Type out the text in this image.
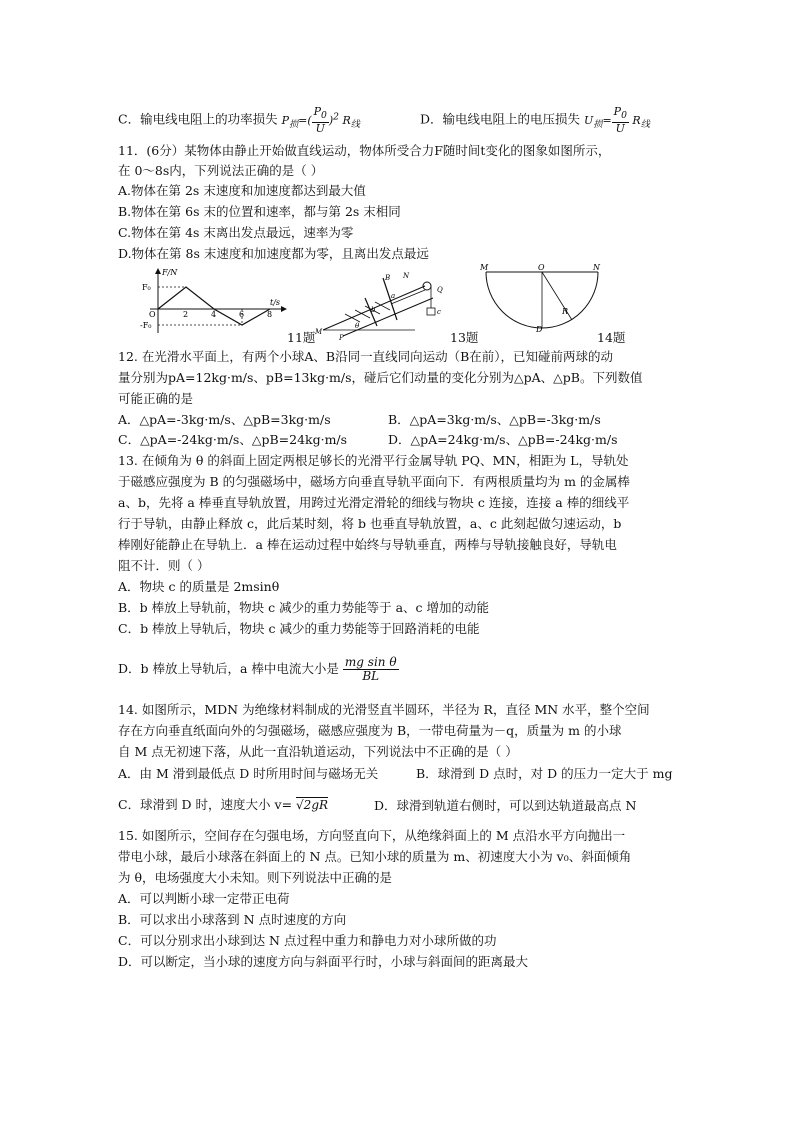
C．输电线电阻上的功率损失 $P_损=( \frac{P_0}{U} )^2$ $R_线$	D．输电线电阻上的电压损失 $U_损= \frac{P_0}{U} R_线$
11．(6分）某物体由静止开始做直线运动，物体所受合力F随时间t变化的图象如图所示，
在 0～8s内，下列说法正确的是（ ）
A.物体在第 2s 末速度和加速度都达到最大值
B.物体在第 6s 末的位置和速率，都与第 2s 末相同
C.物体在第 4s 末离出发点最远，速率为零
D.物体在第 8s 末速度和加速度都为零，且离出发点最远
F/N
F₀
-F₀
O	2	4	6	8
t/s
B N
a
b
Q
c
M
P
θ
M	O	N
R
D
11题	13题	14题
12. 在光滑水平面上，有两个小球A、B沿同一直线同向运动（B在前），已知碰前两球的动
量分别为pA=12kg·m/s、pB=13kg·m/s，碰后它们动量的变化分别为△pA、△pB。下列数值
可能正确的是
A．△pA=-3kg·m/s、△pB=3kg·m/s	B．△pA=3kg·m/s、△pB=-3kg·m/s
C．△pA=-24kg·m/s、△pB=24kg·m/s	D．△pA=24kg·m/s、△pB=-24kg·m/s
13. 在倾角为 θ 的斜面上固定两根足够长的光滑平行金属导轨 PQ、MN，相距为 L，导轨处
于磁感应强度为 B 的匀强磁场中，磁场方向垂直导轨平面向下．有两根质量均为 m 的金属棒
a、b，先将 a 棒垂直导轨放置，用跨过光滑定滑轮的细线与物块 c 连接，连接 a 棒的细线平
行于导轨，由静止释放 c，此后某时刻，将 b 也垂直导轨放置，a、c 此刻起做匀速运动，b
棒刚好能静止在导轨上．a 棒在运动过程中始终与导轨垂直，两棒与导轨接触良好，导轨电
阻不计．则（ ）
A．物块 c 的质量是 2msinθ
B．b 棒放上导轨前，物块 c 减少的重力势能等于 a、c 增加的动能
C．b 棒放上导轨后，物块 c 减少的重力势能等于回路消耗的电能
D．b 棒放上导轨后，a 棒中电流大小是 $\frac{\text{mg sin θ}}{BL}$
14. 如图所示，MDN 为绝缘材料制成的光滑竖直半圆环，半径为 R，直径 MN 水平，整个空间
存在方向垂直纸面向外的匀强磁场，磁感应强度为 B，一带电荷量为－q，质量为 m 的小球
自 M 点无初速下落，从此一直沿轨道运动，下列说法中不正确的是（ ）
A．由 M 滑到最低点 D 时所用时间与磁场无关	B．球滑到 D 点时，对 D 的压力一定大于 mg
C．球滑到 D 时，速度大小 v= √2gR	D．球滑到轨道右侧时，可以到达轨道最高点 N
15. 如图所示，空间存在匀强电场，方向竖直向下，从绝缘斜面上的 M 点沿水平方向抛出一
带电小球，最后小球落在斜面上的 N 点。已知小球的质量为 m、初速度大小为 v₀、斜面倾角
为 θ，电场强度大小未知。则下列说法中正确的是
A．可以判断小球一定带正电荷
B．可以求出小球落到 N 点时速度的方向
C．可以分别求出小球到达 N 点过程中重力和静电力对小球所做的功
D．可以断定，当小球的速度方向与斜面平行时，小球与斜面间的距离最大
